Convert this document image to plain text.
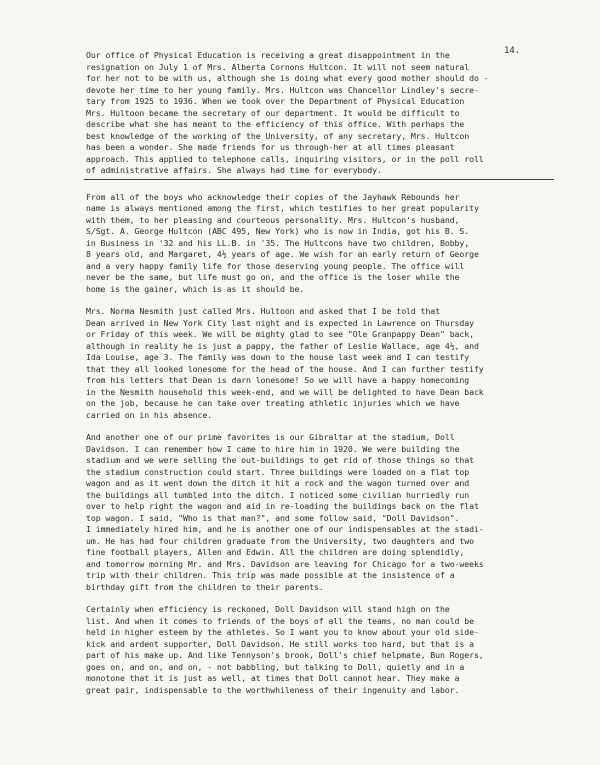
14.

Our office of Physical Education is receiving a great disappointment in the
resignation on July 1 of Mrs. Alberta Cornons Hultcon. It will not seem natural
for her not to be with us, although she is doing what every good mother should do -
devote her time to her young family. Mrs. Hultcon was Chancellor Lindley's secre-
tary from 1925 to 1936. When we took over the Department of Physical Education
Mrs. Hultoon became the secretary of our department. It would be difficult to
describe what she has meant to the efficiency of this office. With perhaps the
best knowledge of the working of the University, of any secretary, Mrs. Hultcon
has been a wonder. She made friends for us through-her at all times pleasant
approach. This applied to telephone calls, inquiring visitors, or in the poll roll
of administrative affairs. She always had time for everybody.
From all of the boys who acknowledge their copies of the Jayhawk Rebounds her
name is always mentioned among the first, which testifies to her great popularity
with them, to her pleasing and courteous personality. Mrs. Hultcon's husband,
S/Sgt. A. George Hultcon (ABC 495, New York) who is now in India, got his B. S.
in Business in '32 and his LL.B. in '35. The Hultcons have two children, Bobby,
8 years old, and Margaret, 4½ years of age. We wish for an early return of George
and a very happy family life for those deserving young people. The office will
never be the same, but life must go on, and the office is the loser while the
home is the gainer, which is as it should be.
Mrs. Norma Nesmith just called Mrs. Hultoon and asked that I be told that
Dean arrived in New York City last night and is expected in Lawrence on Thursday
or Friday of this week. We will be mighty glad to see "Ole Granpappy Dean" back,
although in reality he is just a pappy, the father of Leslie Wallace, age 4½, and
Ida Louise, age 3. The family was down to the house last week and I can testify
that they all looked lonesome for the head of the house. And I can further testify
from his letters that Dean is darn lonesome! So we will have a happy homecoming
in the Nesmith household this week-end, and we will be delighted to have Dean back
on the job, because he can take over treating athletic injuries which we have
carried on in his absence.
And another one of our prime favorites is our Gibraltar at the stadium, Doll
Davidson. I can remember how I came to hire him in 1920. We were building the
stadium and we were selling the out-buildings to get rid of those things so that
the stadium construction could start. Three buildings were loaded on a flat top
wagon and as it went down the ditch it hit a rock and the wagon turned over and
the buildings all tumbled into the ditch. I noticed some civilian hurriedly run
over to help right the wagon and aid in re-loading the buildings back on the flat
top wagon. I said, "Who is that man?", and some follow said, "Doll Davidson".
I immediately hired him, and he is another one of our indispensables at the stadi-
um. He has had four children graduate from the University, two daughters and two
fine football players, Allen and Edwin. All the children are doing splendidly,
and tomorrow morning Mr. and Mrs. Davidson are leaving for Chicago for a two-weeks
trip with their children. This trip was made possible at the insistence of a
birthday gift from the children to their parents.
Certainly when efficiency is reckoned, Doll Davidson will stand high on the
list. And when it comes to friends of the boys of all the teams, no man could be
held in higher esteem by the athletes. So I want you to know about your old side-
kick and ardent supporter, Doll Davidson. He still works too hard, but that is a
part of his make up. And like Tennyson's brook, Doll's chief helpmate, Bun Rogers,
goes on, and on, and on, - not babbling, but talking to Doll, quietly and in a
monotone that it is just as well, at times that Doll cannot hear. They make a
great pair, indispensable to the worthwhileness of their ingenuity and labor.
